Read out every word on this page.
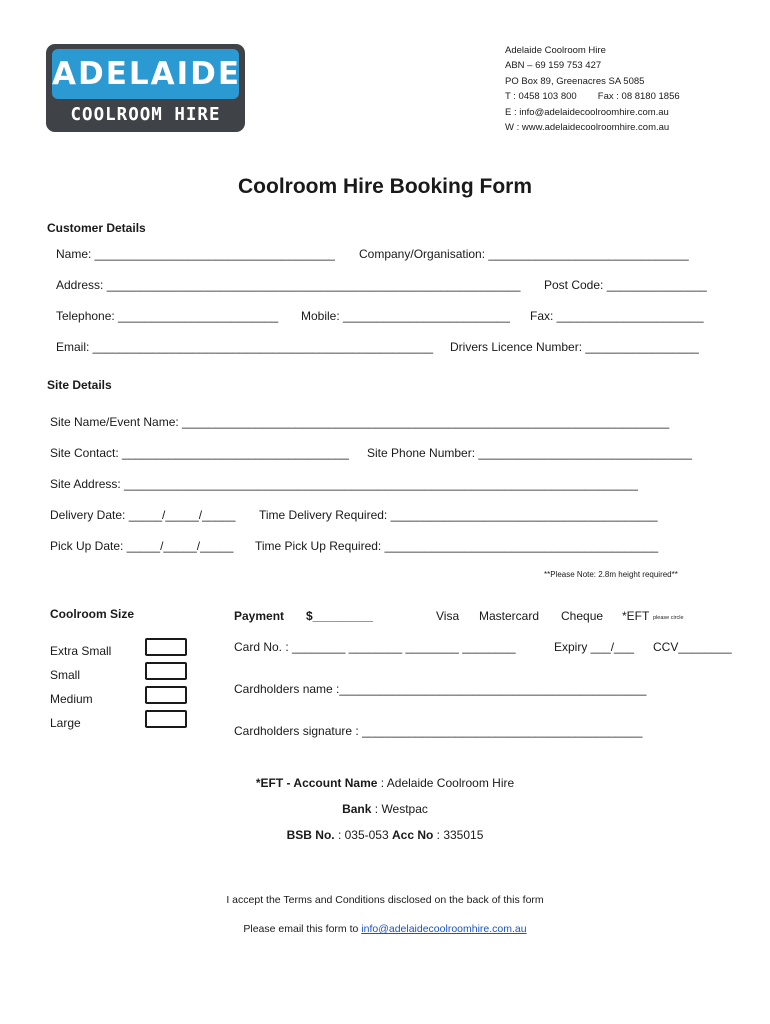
ADELAIDE
COOLROOM HIRE
Adelaide Coolroom Hire
ABN – 69 159 753 427
PO Box 89, Greenacres SA 5085
T : 0458 103 800        Fax : 08 8180 1856
E : info@adelaidecoolroomhire.com.au
W : www.adelaidecoolroomhire.com.au
Coolroom Hire Booking Form
Customer Details
Name: ____________________________________ Company/Organisation: ______________________________
Address: ______________________________________________________________ Post Code: _______________
Telephone: ________________________ Mobile: _________________________ Fax: ______________________
Email: ___________________________________________________ Drivers Licence Number: _________________
Site Details
Site Name/Event Name: _________________________________________________________________________
Site Contact: __________________________________ Site Phone Number: ________________________________
Site Address: _____________________________________________________________________________
Delivery Date: _____/_____/_____ Time Delivery Required: ________________________________________
Pick Up Date: _____/_____/_____ Time Pick Up Required: _________________________________________
**Please Note: 2.8m height required**
Coolroom Size
Extra Small
Small
Medium
Large
Payment $_________	Visa Mastercard Cheque *EFT please circle
Card No. : ________ ________ ________ ________	Expiry ___/___ CCV________
Cardholders name :______________________________________________
Cardholders signature : __________________________________________
*EFT - Account Name : Adelaide Coolroom Hire
Bank : Westpac
BSB No. : 035-053 Acc No : 335015
I accept the Terms and Conditions disclosed on the back of this form
Please email this form to info@adelaidecoolroomhire.com.au
